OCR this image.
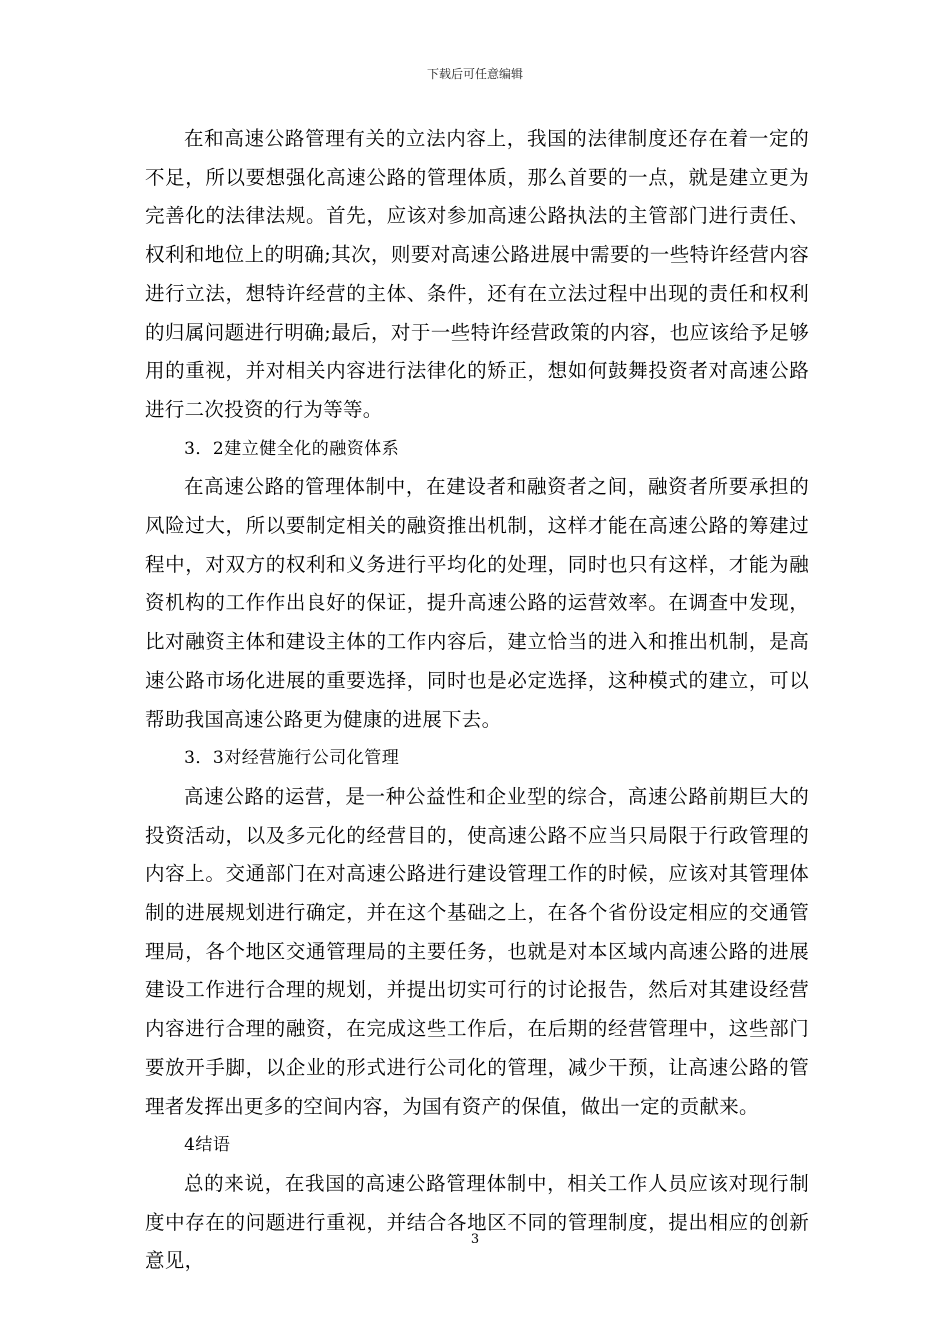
下载后可任意编辑

在和高速公路管理有关的立法内容上，我国的法律制度还存在着一定的不足，所以要想强化高速公路的管理体质，那么首要的一点，就是建立更为完善化的法律法规。首先，应该对参加高速公路执法的主管部门进行责任、权利和地位上的明确;其次，则要对高速公路进展中需要的一些特许经营内容进行立法，想特许经营的主体、条件，还有在立法过程中出现的责任和权利的归属问题进行明确;最后，对于一些特许经营政策的内容，也应该给予足够用的重视，并对相关内容进行法律化的矫正，想如何鼓舞投资者对高速公路进行二次投资的行为等等。

3．2建立健全化的融资体系

在高速公路的管理体制中，在建设者和融资者之间，融资者所要承担的风险过大，所以要制定相关的融资推出机制，这样才能在高速公路的筹建过程中，对双方的权利和义务进行平均化的处理，同时也只有这样，才能为融资机构的工作作出良好的保证，提升高速公路的运营效率。在调查中发现，比对融资主体和建设主体的工作内容后，建立恰当的进入和推出机制，是高速公路市场化进展的重要选择，同时也是必定选择，这种模式的建立，可以帮助我国高速公路更为健康的进展下去。

3．3对经营施行公司化管理

高速公路的运营，是一种公益性和企业型的综合，高速公路前期巨大的投资活动，以及多元化的经营目的，使高速公路不应当只局限于行政管理的内容上。交通部门在对高速公路进行建设管理工作的时候，应该对其管理体制的进展规划进行确定，并在这个基础之上，在各个省份设定相应的交通管理局，各个地区交通管理局的主要任务，也就是对本区域内高速公路的进展建设工作进行合理的规划，并提出切实可行的讨论报告，然后对其建设经营内容进行合理的融资，在完成这些工作后，在后期的经营管理中，这些部门要放开手脚，以企业的形式进行公司化的管理，减少干预，让高速公路的管理者发挥出更多的空间内容，为国有资产的保值，做出一定的贡献来。

4结语

总的来说，在我国的高速公路管理体制中，相关工作人员应该对现行制度中存在的问题进行重视，并结合各地区不同的管理制度，提出相应的创新意见，

3
